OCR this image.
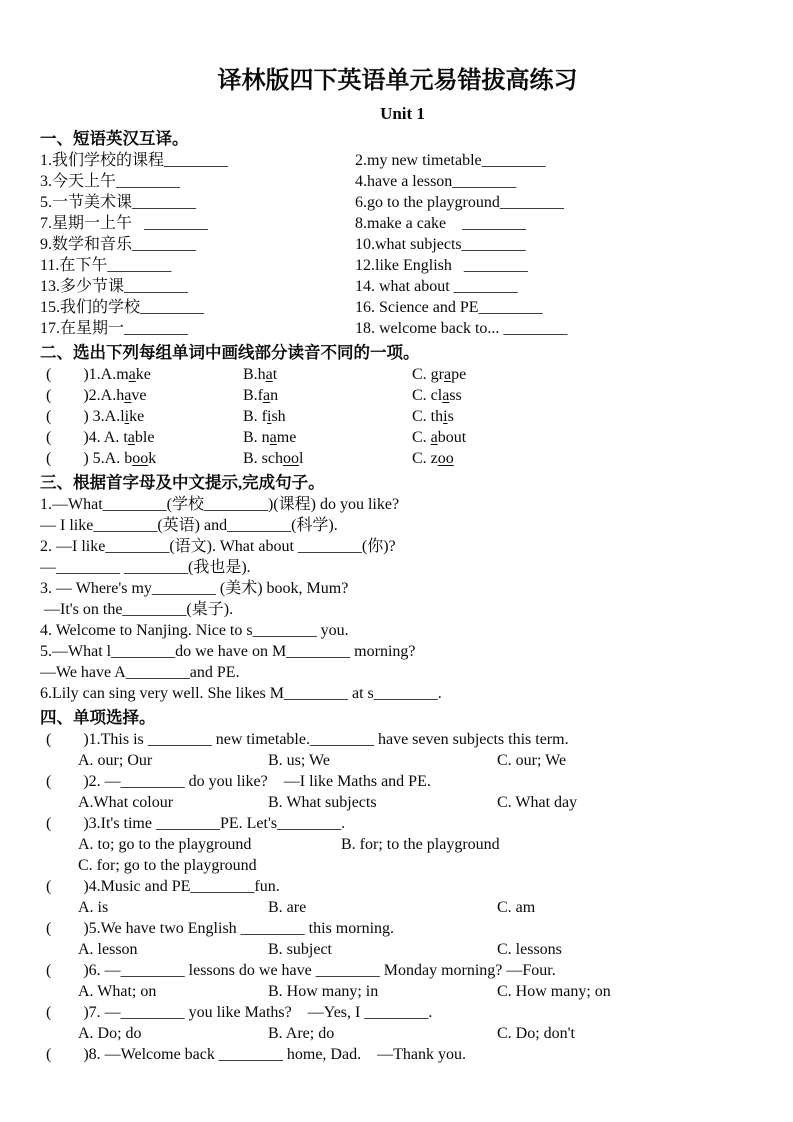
译林版四下英语单元易错拔高练习
Unit 1
一、短语英汉互译。
1.我们学校的课程________	2.my new timetable________
3.今天上午________	4.have a lesson________
5.一节美术课________	6.go to the playground________
7.星期一上午   ________	8.make a cake    ________
9.数学和音乐________	10.what subjects________
11.在下午________	12.like English   ________
13.多少节课________	14. what about ________
15.我们的学校________	16. Science and PE________
17.在星期一________	18. welcome back to... ________
二、选出下列每组单词中画线部分读音不同的一项。
(        )1.A.make	B.hat	C. grape
(        )2.A.have	B.fan	C. class
(        ) 3.A.like	B. fish	C. this
(        )4. A. table	B. name	C. about
(        ) 5.A. book	B. school	C. zoo
三、根据首字母及中文提示,完成句子。
1.—What________(学校________)(课程) do you like?
— I like________(英语) and________(科学).
2. —I like________(语文). What about ________(你)?
—________ ________(我也是).
3. — Where's my________ (美术) book, Mum?
—It's on the________(桌子).
4. Welcome to Nanjing. Nice to s________ you.
5.—What l________do we have on M________ morning?
—We have A________and PE.
6.Lily can sing very well. She likes M________ at s________.
四、单项选择。
(        )1.This is ________ new timetable.________ have seven subjects this term.
A. our; Our	B. us; We	C. our; We
(        )2. —________ do you like?    —I like Maths and PE.
A.What colour	B. What subjects	C. What day
(        )3.It's time ________PE. Let's________.
A. to; go to the playground	B. for; to the playground
C. for; go to the playground
(        )4.Music and PE________fun.
A. is	B. are	C. am
(        )5.We have two English ________ this morning.
A. lesson	B. subject	C. lessons
(        )6. —________ lessons do we have ________ Monday morning? —Four.
A. What; on	B. How many; in	C. How many; on
(        )7. —________ you like Maths?    —Yes, I ________.
A. Do; do	B. Are; do	C. Do; don't
(        )8. —Welcome back ________ home, Dad.    —Thank you.
